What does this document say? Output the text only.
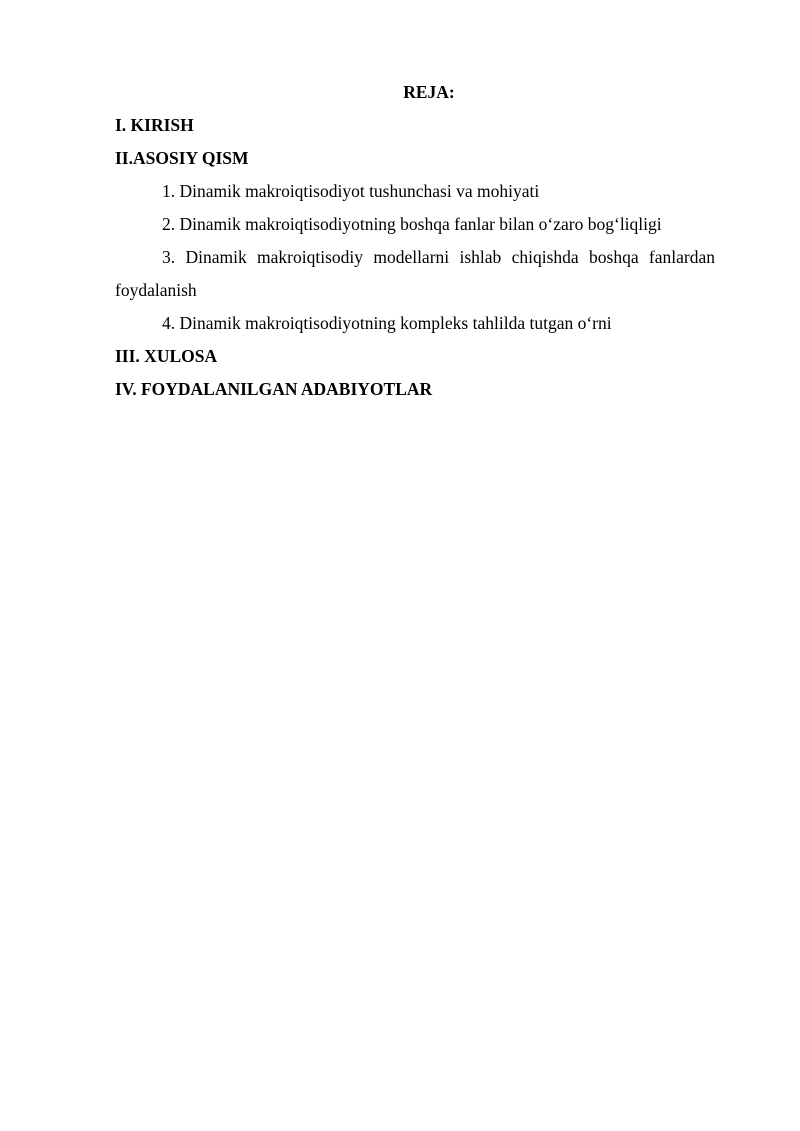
REJA:
I. KIRISH
II.ASOSIY QISM
1. Dinamik makroiqtisodiyot tushunchasi va mohiyati
2. Dinamik makroiqtisodiyotning boshqa fanlar bilan o‘zaro bog‘liqligi
3. Dinamik makroiqtisodiy modellarni ishlab chiqishda boshqa fanlardan foydalanish
4. Dinamik makroiqtisodiyotning kompleks tahlilda tutgan o‘rni
III. XULOSA
IV. FOYDALANILGAN ADABIYOTLAR
